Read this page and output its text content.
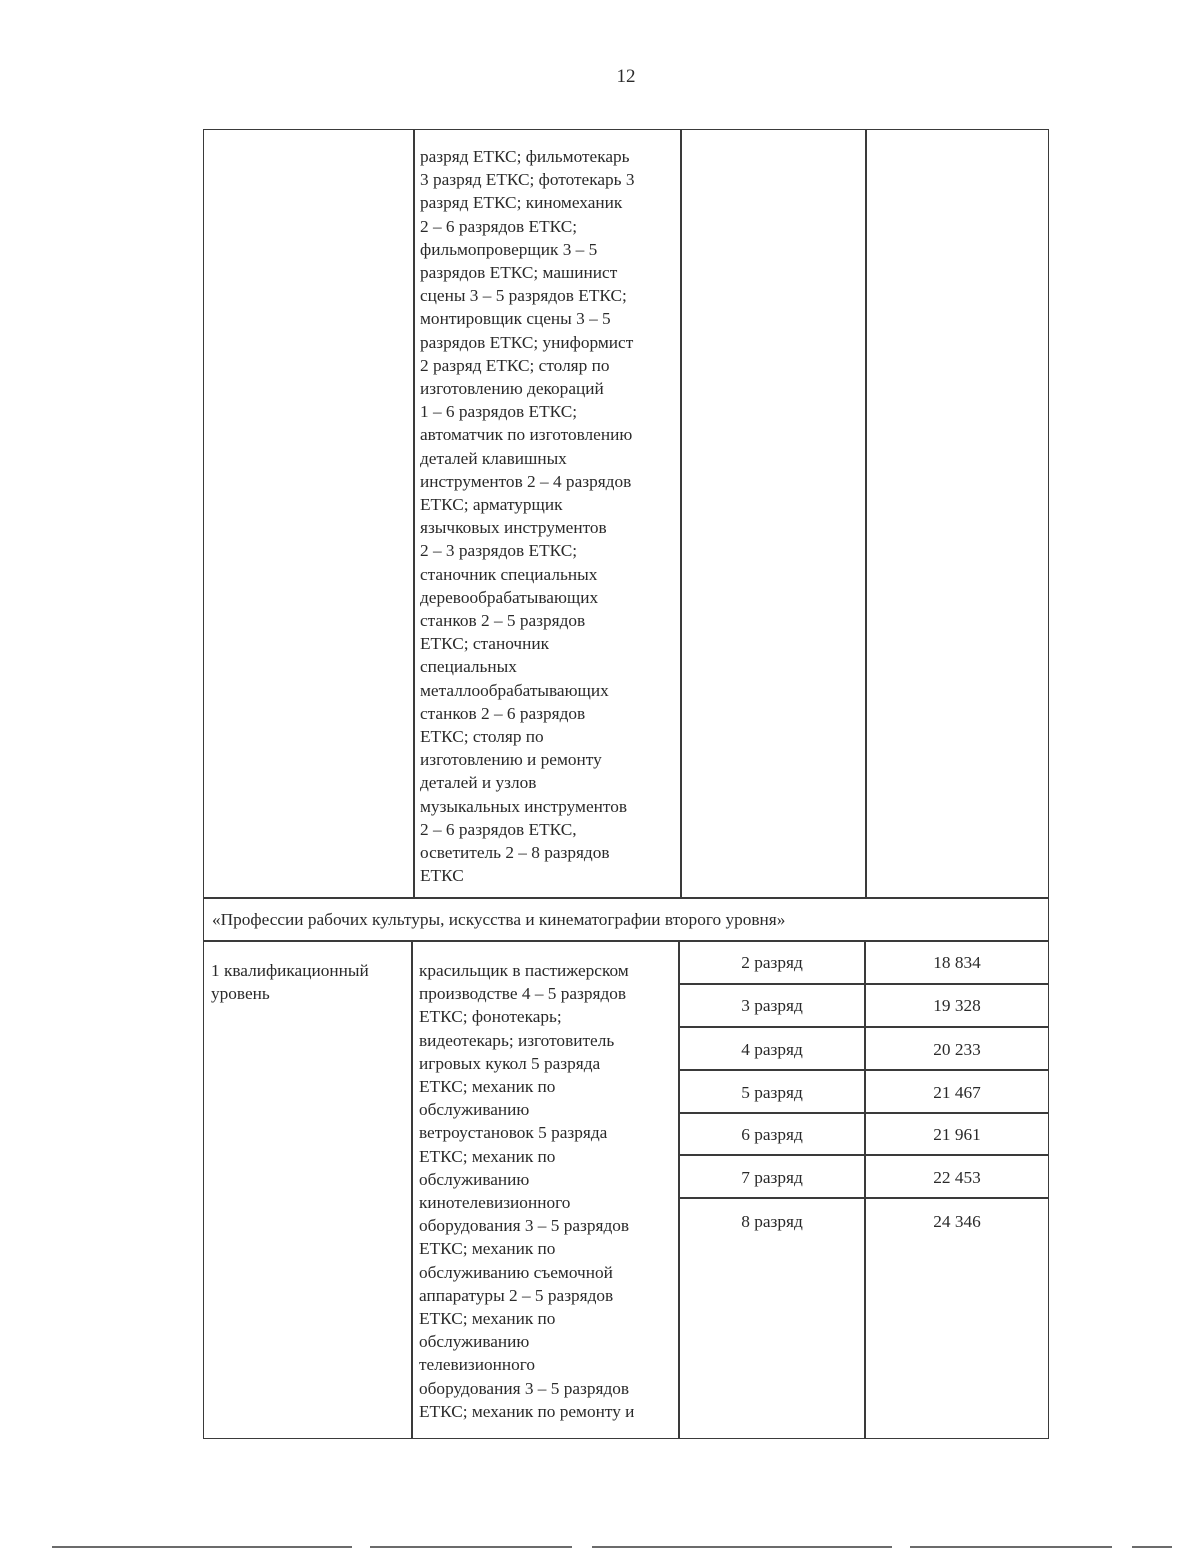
12
разряд ЕТКС; фильмотекарь
3 разряд ЕТКС; фототекарь 3
разряд ЕТКС; киномеханик
2 – 6 разрядов ЕТКС;
фильмопроверщик 3 – 5
разрядов ЕТКС; машинист
сцены 3 – 5 разрядов ЕТКС;
монтировщик сцены 3 – 5
разрядов ЕТКС; униформист
2 разряд ЕТКС; столяр по
изготовлению декораций
1 – 6 разрядов ЕТКС;
автоматчик по изготовлению
деталей клавишных
инструментов 2 – 4 разрядов
ЕТКС; арматурщик
язычковых инструментов
2 – 3 разрядов ЕТКС;
станочник специальных
деревообрабатывающих
станков 2 – 5 разрядов
ЕТКС; станочник
специальных
металлообрабатывающих
станков 2 – 6 разрядов
ЕТКС; столяр по
изготовлению и ремонту
деталей и узлов
музыкальных инструментов
2 – 6 разрядов ЕТКС,
осветитель 2 – 8 разрядов
ЕТКС
«Профессии рабочих культуры, искусства и кинематографии второго уровня»
1 квалификационный
уровень
красильщик в пастижерском
производстве 4 – 5 разрядов
ЕТКС; фонотекарь;
видеотекарь; изготовитель
игровых кукол 5 разряда
ЕТКС; механик по
обслуживанию
ветроустановок 5 разряда
ЕТКС; механик по
обслуживанию
кинотелевизионного
оборудования 3 – 5 разрядов
ЕТКС; механик по
обслуживанию съемочной
аппаратуры 2 – 5 разрядов
ЕТКС; механик по
обслуживанию
телевизионного
оборудования 3 – 5 разрядов
ЕТКС; механик по ремонту и
2 разряд
3 разряд
4 разряд
5 разряд
6 разряд
7 разряд
8 разряд
18 834
19 328
20 233
21 467
21 961
22 453
24 346
